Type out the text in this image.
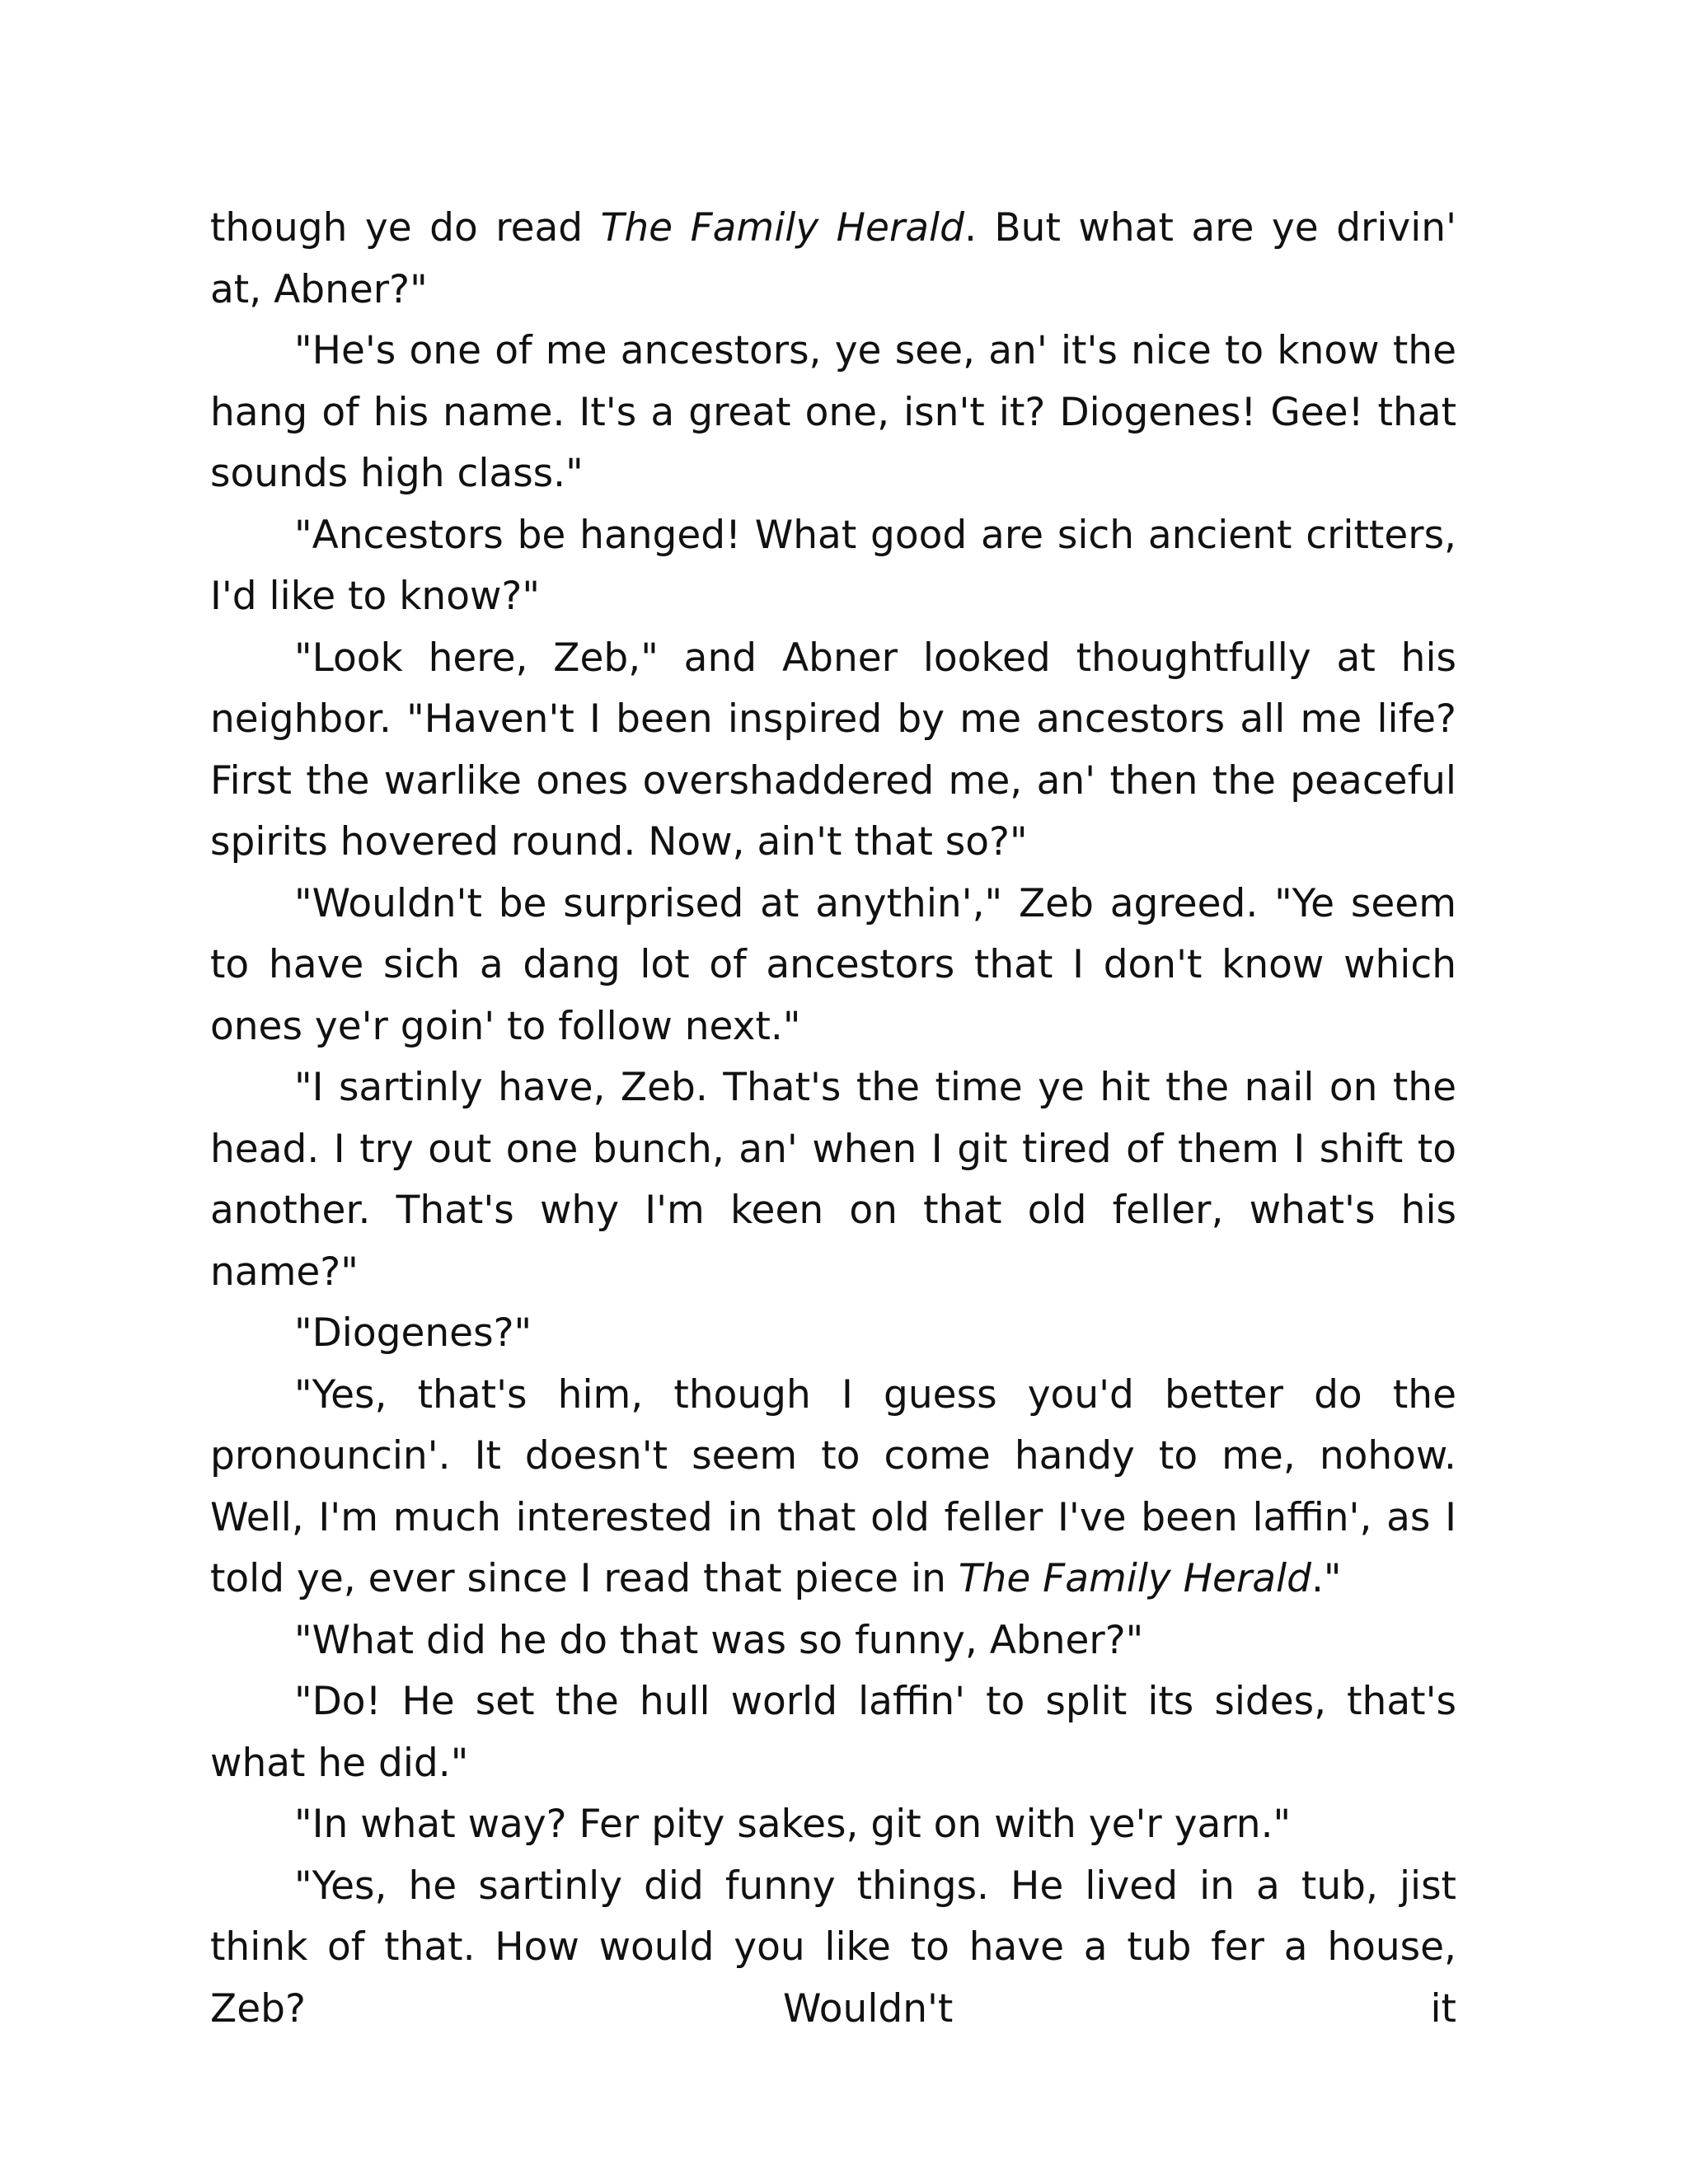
though ye do read The Family Herald. But what are ye drivin' at, Abner?"

"He's one of me ancestors, ye see, an' it's nice to know the hang of his name. It's a great one, isn't it? Diogenes! Gee! that sounds high class."

"Ancestors be hanged! What good are sich ancient critters, I'd like to know?"

"Look here, Zeb," and Abner looked thoughtfully at his neighbor. "Haven't I been inspired by me ancestors all me life? First the warlike ones overshaddered me, an' then the peaceful spirits hovered round. Now, ain't that so?"

"Wouldn't be surprised at anythin'," Zeb agreed. "Ye seem to have sich a dang lot of ancestors that I don't know which ones ye'r goin' to follow next."

"I sartinly have, Zeb. That's the time ye hit the nail on the head. I try out one bunch, an' when I git tired of them I shift to another. That's why I'm keen on that old feller, what's his name?"

"Diogenes?"

"Yes, that's him, though I guess you'd better do the pronouncin'. It doesn't seem to come handy to me, nohow. Well, I'm much interested in that old feller I've been laffin', as I told ye, ever since I read that piece in The Family Herald."

"What did he do that was so funny, Abner?"

"Do! He set the hull world laffin' to split its sides, that's what he did."

"In what way? Fer pity sakes, git on with ye'r yarn."

"Yes, he sartinly did funny things. He lived in a tub, jist think of that. How would you like to have a tub fer a house, Zeb? Wouldn't it
